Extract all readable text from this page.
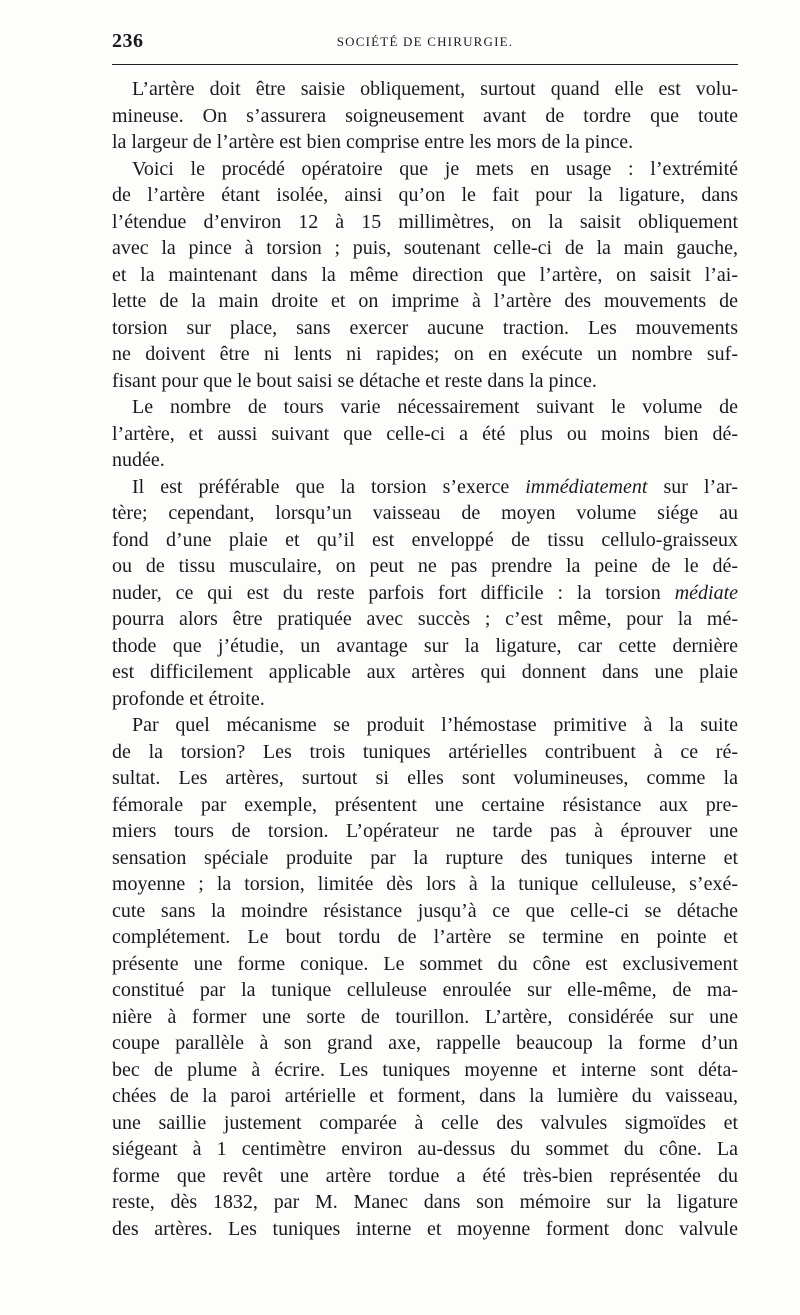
236	SOCIÉTÉ DE CHIRURGIE.
L’artère doit être saisie obliquement, surtout quand elle est volu-
mineuse. On s’assurera soigneusement avant de tordre que toute
la largeur de l’artère est bien comprise entre les mors de la pince.
Voici le procédé opératoire que je mets en usage : l’extrémité
de l’artère étant isolée, ainsi qu’on le fait pour la ligature, dans
l’étendue d’environ 12 à 15 millimètres, on la saisit obliquement
avec la pince à torsion ; puis, soutenant celle-ci de la main gauche,
et la maintenant dans la même direction que l’artère, on saisit l’ai-
lette de la main droite et on imprime à l’artère des mouvements de
torsion sur place, sans exercer aucune traction. Les mouvements
ne doivent être ni lents ni rapides; on en exécute un nombre suf-
fisant pour que le bout saisi se détache et reste dans la pince.
Le nombre de tours varie nécessairement suivant le volume de
l’artère, et aussi suivant que celle-ci a été plus ou moins bien dé-
nudée.
Il est préférable que la torsion s’exerce immédiatement sur l’ar-
tère; cependant, lorsqu’un vaisseau de moyen volume siége au
fond d’une plaie et qu’il est enveloppé de tissu cellulo-graisseux
ou de tissu musculaire, on peut ne pas prendre la peine de le dé-
nuder, ce qui est du reste parfois fort difficile : la torsion médiate
pourra alors être pratiquée avec succès ; c’est même, pour la mé-
thode que j’étudie, un avantage sur la ligature, car cette dernière
est difficilement applicable aux artères qui donnent dans une plaie
profonde et étroite.
Par quel mécanisme se produit l’hémostase primitive à la suite
de la torsion? Les trois tuniques artérielles contribuent à ce ré-
sultat. Les artères, surtout si elles sont volumineuses, comme la
fémorale par exemple, présentent une certaine résistance aux pre-
miers tours de torsion. L’opérateur ne tarde pas à éprouver une
sensation spéciale produite par la rupture des tuniques interne et
moyenne ; la torsion, limitée dès lors à la tunique celluleuse, s’exé-
cute sans la moindre résistance jusqu’à ce que celle-ci se détache
complétement. Le bout tordu de l’artère se termine en pointe et
présente une forme conique. Le sommet du cône est exclusivement
constitué par la tunique celluleuse enroulée sur elle-même, de ma-
nière à former une sorte de tourillon. L’artère, considérée sur une
coupe parallèle à son grand axe, rappelle beaucoup la forme d’un
bec de plume à écrire. Les tuniques moyenne et interne sont déta-
chées de la paroi artérielle et forment, dans la lumière du vaisseau,
une saillie justement comparée à celle des valvules sigmoïdes et
siégeant à 1 centimètre environ au-dessus du sommet du cône. La
forme que revêt une artère tordue a été très-bien représentée du
reste, dès 1832, par M. Manec dans son mémoire sur la ligature
des artères. Les tuniques interne et moyenne forment donc valvule
